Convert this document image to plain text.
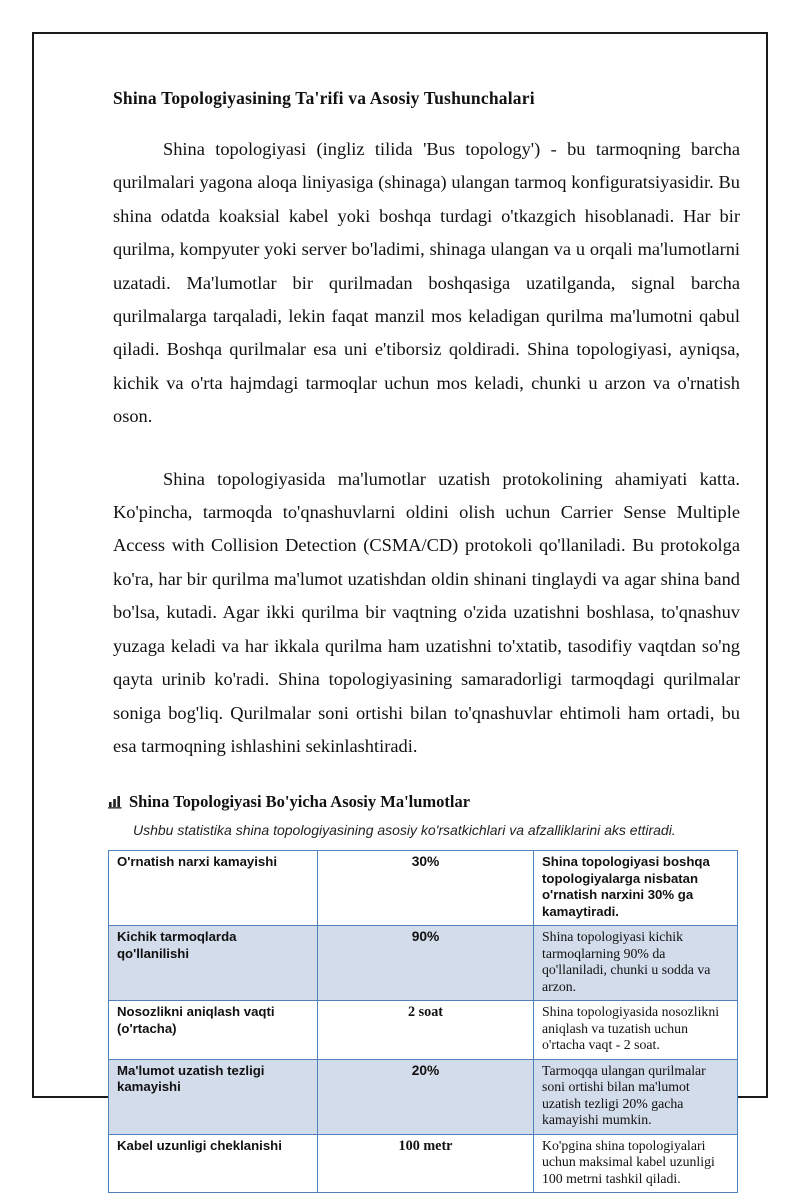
Shina Topologiyasining Ta'rifi va Asosiy Tushunchalari

Shina topologiyasi (ingliz tilida 'Bus topology') - bu tarmoqning barcha qurilmalari yagona aloqa liniyasiga (shinaga) ulangan tarmoq konfiguratsiyasidir. Bu shina odatda koaksial kabel yoki boshqa turdagi o'tkazgich hisoblanadi. Har bir qurilma, kompyuter yoki server bo'ladimi, shinaga ulangan va u orqali ma'lumotlarni uzatadi. Ma'lumotlar bir qurilmadan boshqasiga uzatilganda, signal barcha qurilmalarga tarqaladi, lekin faqat manzil mos keladigan qurilma ma'lumotni qabul qiladi. Boshqa qurilmalar esa uni e'tiborsiz qoldiradi. Shina topologiyasi, ayniqsa, kichik va o'rta hajmdagi tarmoqlar uchun mos keladi, chunki u arzon va o'rnatish oson.

Shina topologiyasida ma'lumotlar uzatish protokolining ahamiyati katta. Ko'pincha, tarmoqda to'qnashuvlarni oldini olish uchun Carrier Sense Multiple Access with Collision Detection (CSMA/CD) protokoli qo'llaniladi. Bu protokolga ko'ra, har bir qurilma ma'lumot uzatishdan oldin shinani tinglaydi va agar shina band bo'lsa, kutadi. Agar ikki qurilma bir vaqtning o'zida uzatishni boshlasa, to'qnashuv yuzaga keladi va har ikkala qurilma ham uzatishni to'xtatib, tasodifiy vaqtdan so'ng qayta urinib ko'radi. Shina topologiyasining samaradorligi tarmoqdagi qurilmalar soniga bog'liq. Qurilmalar soni ortishi bilan to'qnashuvlar ehtimoli ham ortadi, bu esa tarmoqning ishlashini sekinlashtiradi.

Shina Topologiyasi Bo'yicha Asosiy Ma'lumotlar
Ushbu statistika shina topologiyasining asosiy ko'rsatkichlari va afzalliklarini aks ettiradi.
O'rnatish narxi kamayishi	30%	Shina topologiyasi boshqa topologiyalarga nisbatan o'rnatish narxini 30% ga kamaytiradi.
Kichik tarmoqlarda qo'llanilishi	90%	Shina topologiyasi kichik tarmoqlarning 90% da qo'llaniladi, chunki u sodda va arzon.
Nosozlikni aniqlash vaqti (o'rtacha)	2 soat	Shina topologiyasida nosozlikni aniqlash va tuzatish uchun o'rtacha vaqt - 2 soat.
Ma'lumot uzatish tezligi kamayishi	20%	Tarmoqqa ulangan qurilmalar soni ortishi bilan ma'lumot uzatish tezligi 20% gacha kamayishi mumkin.
Kabel uzunligi cheklanishi	100 metr	Ko'pgina shina topologiyalari uchun maksimal kabel uzunligi 100 metrni tashkil qiladi.
